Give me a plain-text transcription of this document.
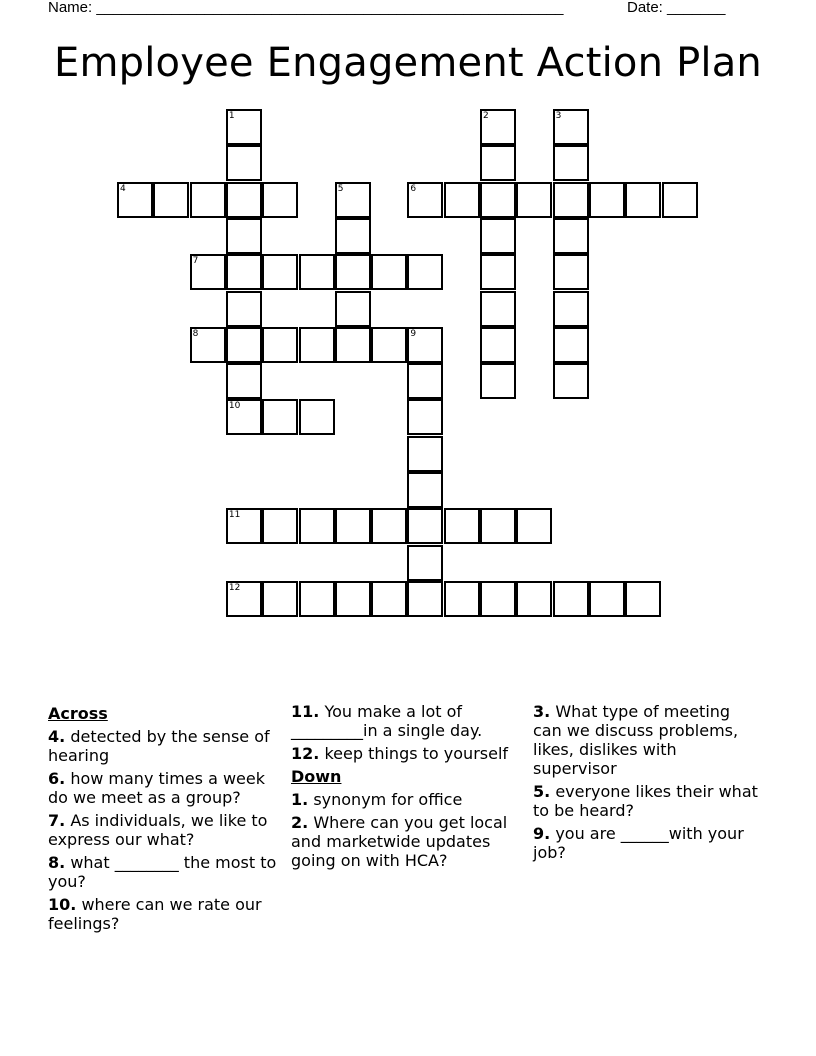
Name: ________________________________________________________	Date: _______
Employee Engagement Action Plan
1	2	3
4	5	6
7
8	9
10
11
12
Across
4. detected by the sense of hearing
6. how many times a week do we meet as a group?
7. As individuals, we like to express our what?
8. what ________ the most to you?
10. where can we rate our feelings?
11. You make a lot of _________in a single day.
12. keep things to yourself
Down
1. synonym for office
2. Where can you get local and marketwide updates going on with HCA?
3. What type of meeting can we discuss problems, likes, dislikes with supervisor
5. everyone likes their what to be heard?
9. you are ______with your job?
